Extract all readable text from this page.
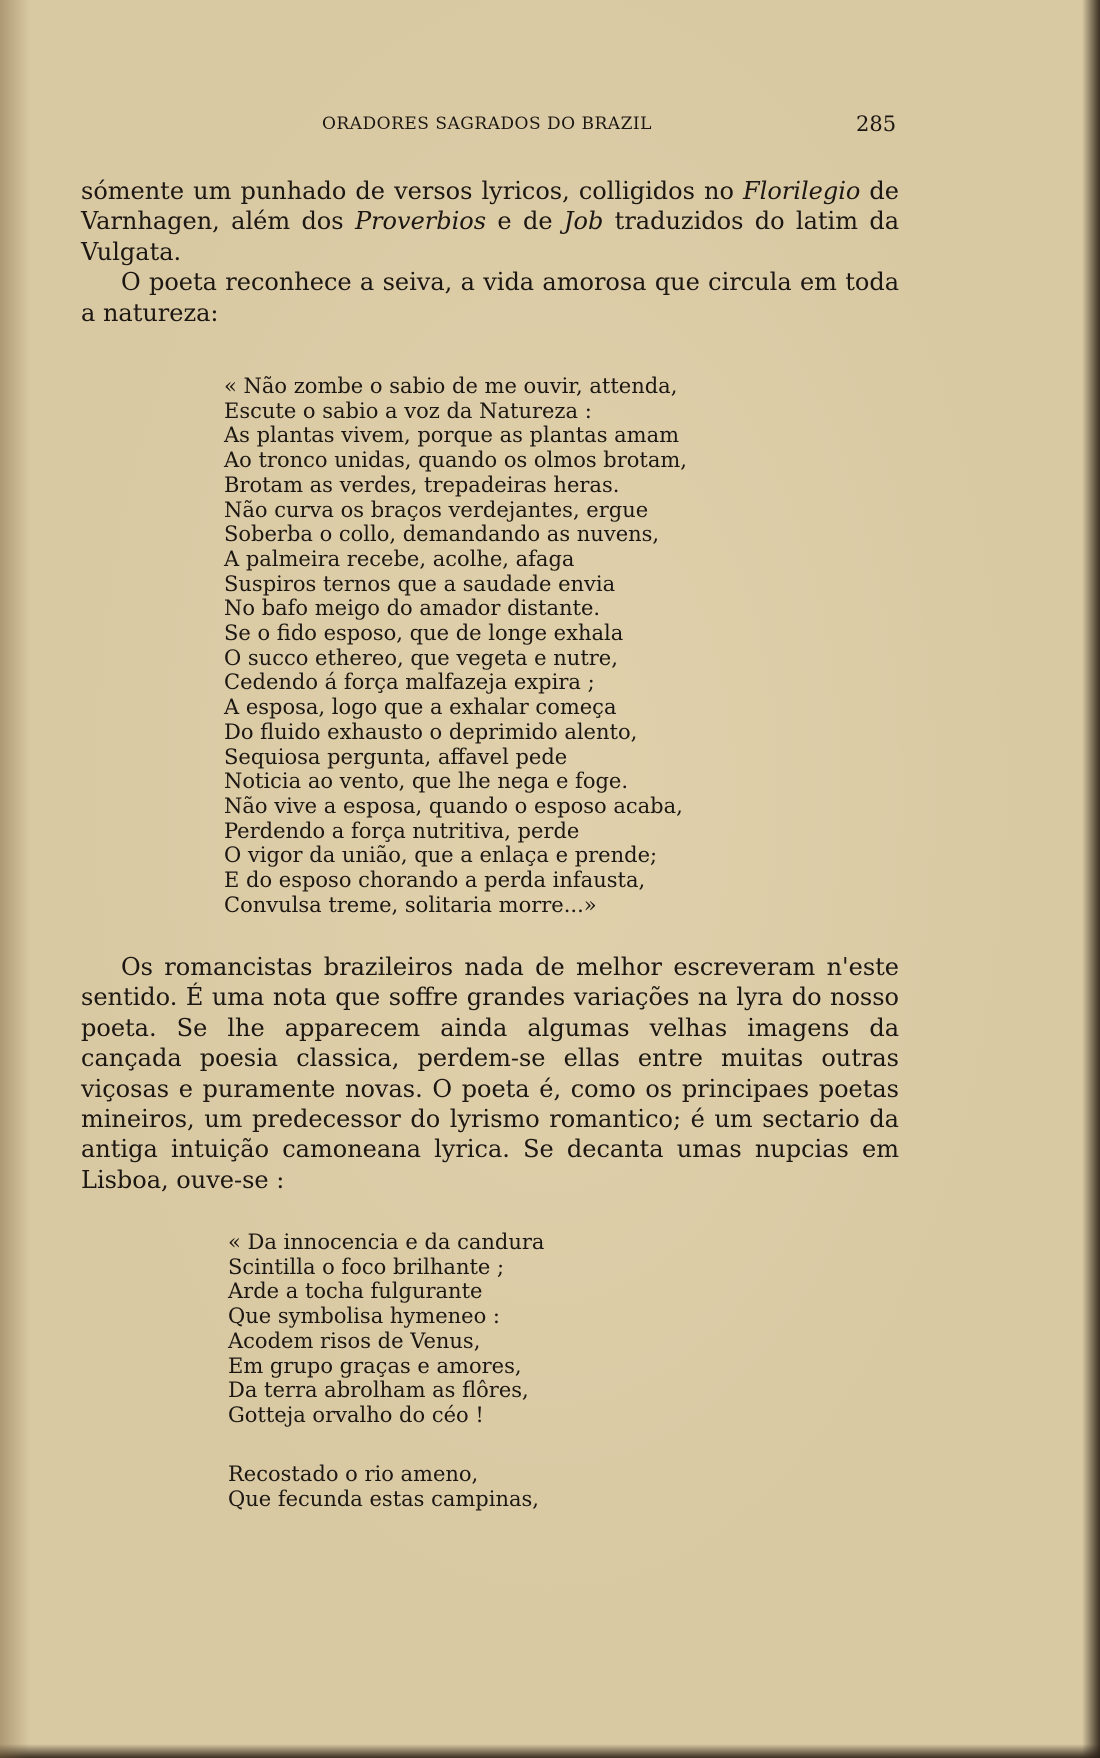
ORADORES SAGRADOS DO BRAZIL	285

sómente um punhado de versos lyricos, colligidos no Florilegio de Varnhagen, além dos Proverbios e de Job traduzidos do latim da Vulgata.

O poeta reconhece a seiva, a vida amorosa que circula em toda a natureza:

« Não zombe o sabio de me ouvir, attenda,
Escute o sabio a voz da Natureza :
As plantas vivem, porque as plantas amam
Ao tronco unidas, quando os olmos brotam,
Brotam as verdes, trepadeiras heras.
Não curva os braços verdejantes, ergue
Soberba o collo, demandando as nuvens,
A palmeira recebe, acolhe, afaga
Suspiros ternos que a saudade envia
No bafo meigo do amador distante.
Se o fido esposo, que de longe exhala
O succo ethereo, que vegeta e nutre,
Cedendo á força malfazeja expira ;
A esposa, logo que a exhalar começa
Do fluido exhausto o deprimido alento,
Sequiosa pergunta, affavel pede
Noticia ao vento, que lhe nega e foge.
Não vive a esposa, quando o esposo acaba,
Perdendo a força nutritiva, perde
O vigor da união, que a enlaça e prende;
E do esposo chorando a perda infausta,
Convulsa treme, solitaria morre...»

Os romancistas brazileiros nada de melhor escreveram n'este sentido. É uma nota que soffre grandes variações na lyra do nosso poeta. Se lhe apparecem ainda algumas velhas imagens da cançada poesia classica, perdem-se ellas entre muitas outras viçosas e puramente novas. O poeta é, como os principaes poetas mineiros, um predecessor do lyrismo romantico; é um sectario da antiga intuição camoneana lyrica. Se decanta umas nupcias em Lisboa, ouve-se :

« Da innocencia e da candura
Scintilla o foco brilhante ;
Arde a tocha fulgurante
Que symbolisa hymeneo :
Acodem risos de Venus,
Em grupo graças e amores,
Da terra abrolham as flôres,
Gotteja orvalho do céo !
Recostado o rio ameno,
Que fecunda estas campinas,
